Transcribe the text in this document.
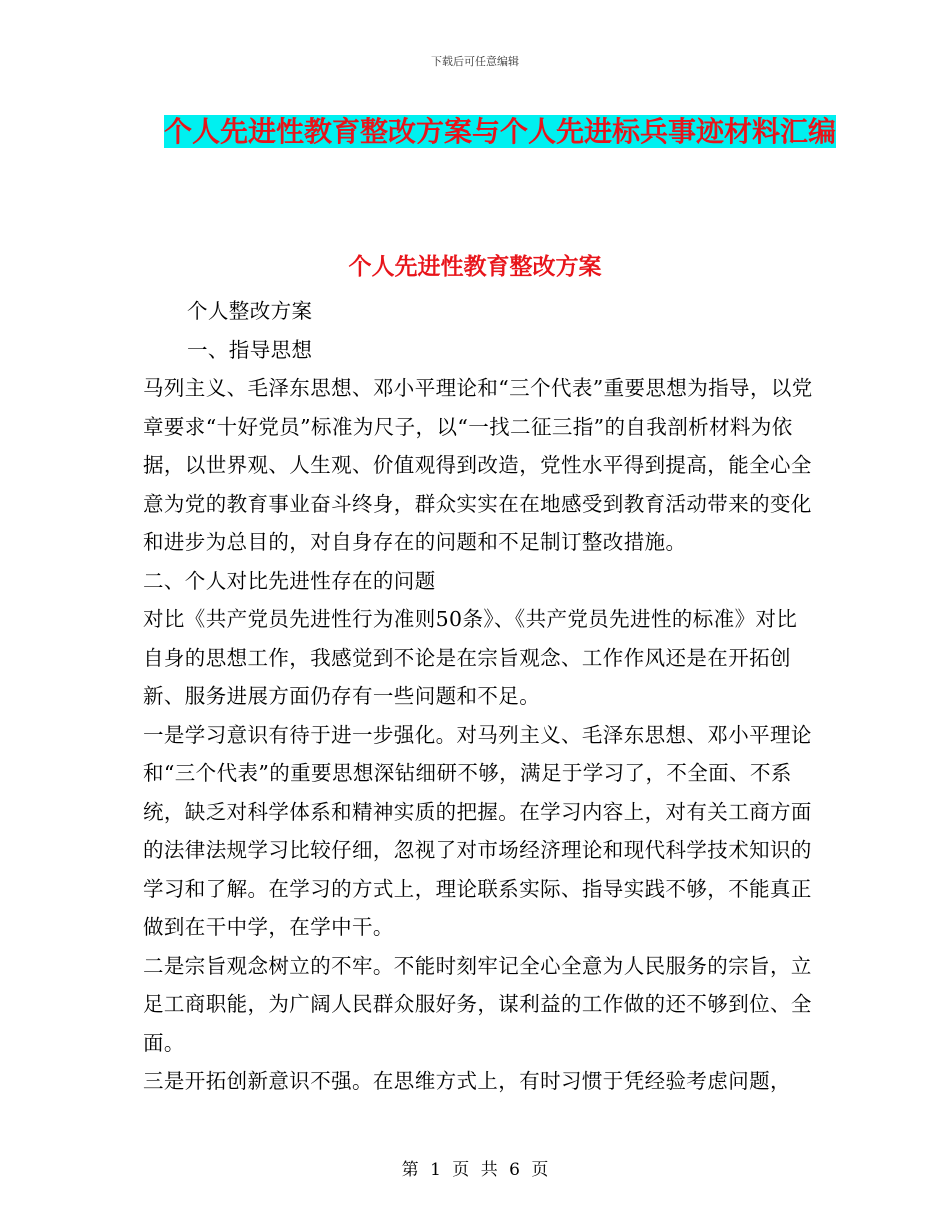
下载后可任意编辑
个人先进性教育整改方案与个人先进标兵事迹材料汇编
个人先进性教育整改方案

个人整改方案

一、指导思想

马列主义、毛泽东思想、邓小平理论和“三个代表”重要思想为指导，以党章要求“十好党员”标准为尺子，以“一找二征三指”的自我剖析材料为依据，以世界观、人生观、价值观得到改造，党性水平得到提高，能全心全意为党的教育事业奋斗终身，群众实实在在地感受到教育活动带来的变化和进步为总目的，对自身存在的问题和不足制订整改措施。

二、个人对比先进性存在的问题

对比《共产党员先进性行为准则50条》、《共产党员先进性的标准》对比自身的思想工作，我感觉到不论是在宗旨观念、工作作风还是在开拓创新、服务进展方面仍存有一些问题和不足。

一是学习意识有待于进一步强化。对马列主义、毛泽东思想、邓小平理论和“三个代表”的重要思想深钻细研不够，满足于学习了，不全面、不系统，缺乏对科学体系和精神实质的把握。在学习内容上，对有关工商方面的法律法规学习比较仔细，忽视了对市场经济理论和现代科学技术知识的学习和了解。在学习的方式上，理论联系实际、指导实践不够，不能真正做到在干中学，在学中干。

二是宗旨观念树立的不牢。不能时刻牢记全心全意为人民服务的宗旨，立足工商职能，为广阔人民群众服好务，谋利益的工作做的还不够到位、全面。

三是开拓创新意识不强。在思维方式上，有时习惯于凭经验考虑问题，

第 1 页 共 6 页
